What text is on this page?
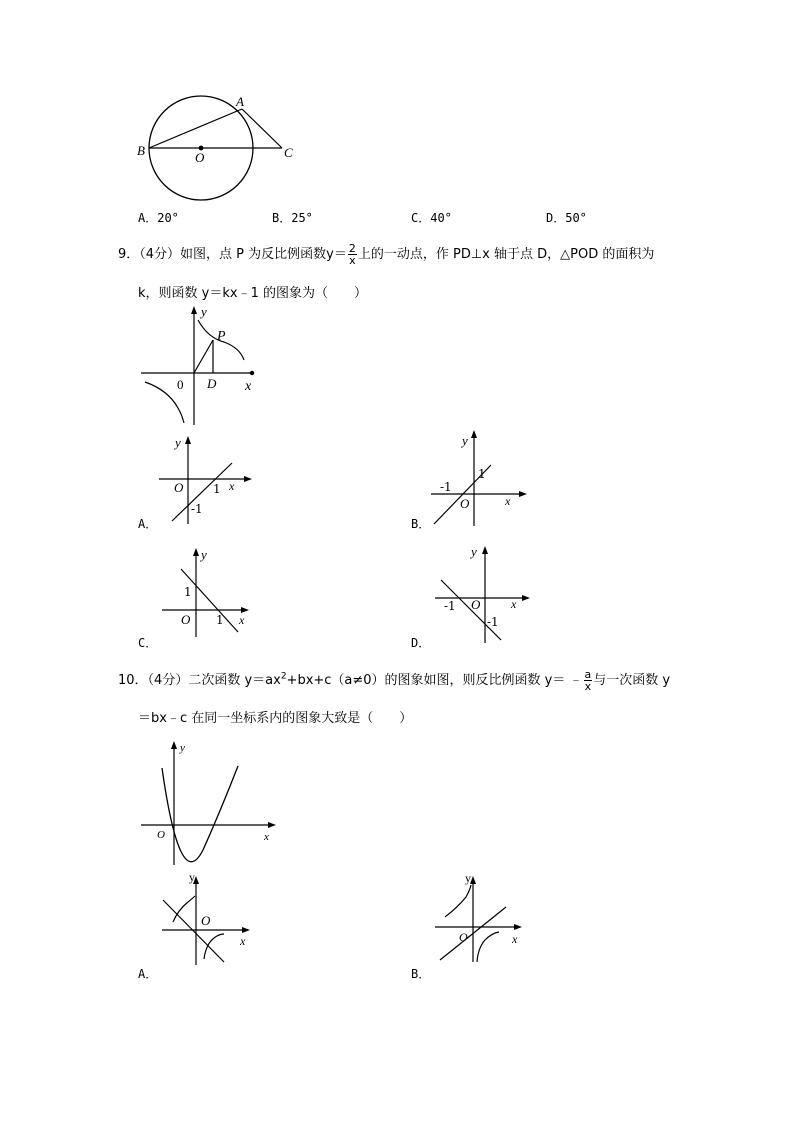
A
B	O	C
A．20°	B．25°	C．40°	D．50°
9．（4分）如图，点 P 为反比例函数$y= \frac{2}{x}$ 上的一动点，作 PD⊥x 轴于点 D，△POD 的面积为
k，则函数 y＝kx﹣1 的图象为（　　）
y
P
0 D x
y
O 1 x
-1
A．
y
1
-1
O	x
B．
y
1
O 1 x
C．
y
-1 O	x
-1
D．
10．（4分）二次函数 $y=ax^2+bx+c(a\ne 0)$的图象如图，则反比例函数 y＝ ﹣ $\frac{a}{x}$ 与一次函数 y
＝bx﹣c 在同一坐标系内的图象大致是（　　）
y
O	x
y
O
x
A．
y
O	x
B．
